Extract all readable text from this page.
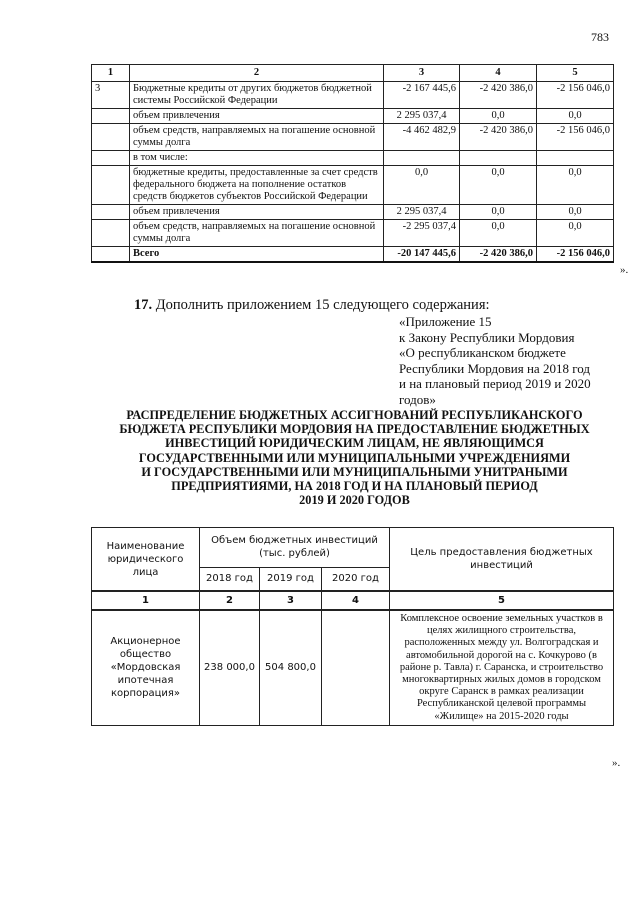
783
1	2	3	4	5
3	Бюджетные кредиты от других бюджетов бюджетной системы Российской Федерации	-2 167 445,6	-2 420 386,0	-2 156 046,0
	объем привлечения	2 295 037,4	0,0	0,0
	объем средств, направляемых на погашение основной суммы долга	-4 462 482,9	-2 420 386,0	-2 156 046,0
	в том числе:			
	бюджетные кредиты, предоставленные за счет средств федерального бюджета на пополнение остатков средств бюджетов субъектов Российской Федерации	0,0	0,0	0,0
	объем привлечения	2 295 037,4	0,0	0,0
	объем средств, направляемых на погашение основной суммы долга	-2 295 037,4	0,0	0,0
	Всего	-20 147 445,6	-2 420 386,0	-2 156 046,0
».
17. Дополнить приложением 15 следующего содержания:
«Приложение 15
к Закону Республики Мордовия
«О республиканском бюджете
Республики Мордовия на 2018 год
и на плановый период 2019 и 2020
годов»
РАСПРЕДЕЛЕНИЕ БЮДЖЕТНЫХ АССИГНОВАНИЙ РЕСПУБЛИКАНСКОГО
БЮДЖЕТА РЕСПУБЛИКИ МОРДОВИЯ НА ПРЕДОСТАВЛЕНИЕ БЮДЖЕТНЫХ
ИНВЕСТИЦИЙ ЮРИДИЧЕСКИМ ЛИЦАМ, НЕ ЯВЛЯЮЩИМСЯ
ГОСУДАРСТВЕННЫМИ ИЛИ МУНИЦИПАЛЬНЫМИ УЧРЕЖДЕНИЯМИ
И ГОСУДАРСТВЕННЫМИ ИЛИ МУНИЦИПАЛЬНЫМИ УНИТРАНЫМИ
ПРЕДПРИЯТИЯМИ, НА 2018 ГОД И НА ПЛАНОВЫЙ ПЕРИОД
2019 И 2020 ГОДОВ
Наименование юридического лица	Объем бюджетных инвестиций (тыс. рублей)			Цель предоставления бюджетных инвестиций
	2018 год	2019 год	2020 год	
1	2	3	4	5
Акционерное общество «Мордовская ипотечная корпорация»	238 000,0	504 800,0		Комплексное освоение земельных участков в целях жилищного строительства, расположенных между ул. Волгоградская и автомобильной дорогой на с. Кочкурово (в районе р. Тавла) г. Саранска, и строительство многоквартирных жилых домов в городском округе Саранск в рамках реализации Республиканской целевой программы «Жилище» на 2015-2020 годы
».
